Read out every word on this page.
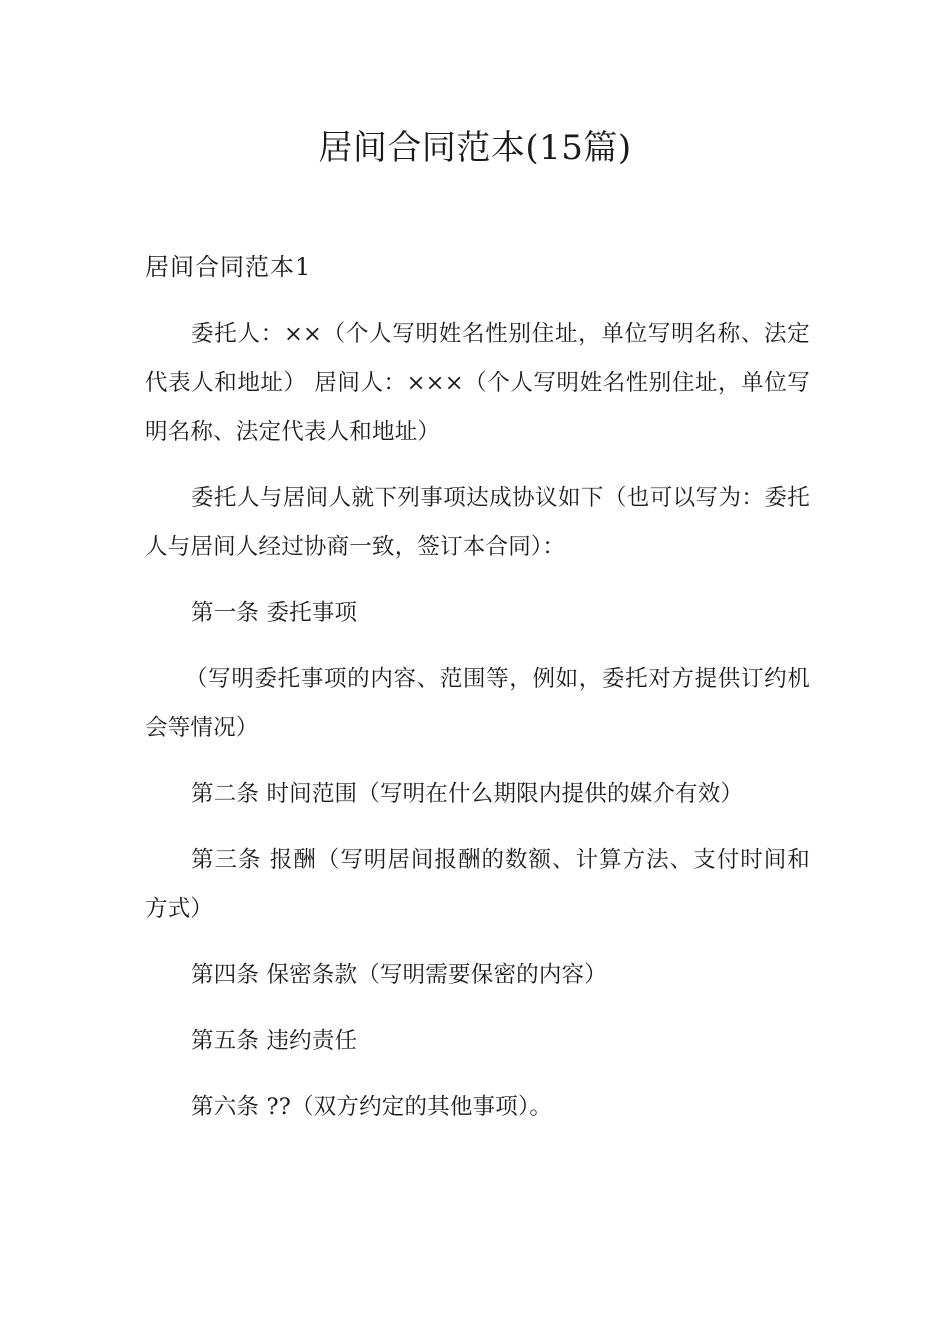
居间合同范本(15篇)
居间合同范本1

委托人：××（个人写明姓名性别住址，单位写明名称、法定代表人和地址） 居间人：×××（个人写明姓名性别住址，单位写明名称、法定代表人和地址）

委托人与居间人就下列事项达成协议如下（也可以写为：委托人与居间人经过协商一致，签订本合同）：

第一条 委托事项

（写明委托事项的内容、范围等，例如，委托对方提供订约机会等情况）

第二条 时间范围（写明在什么期限内提供的媒介有效）

第三条 报酬（写明居间报酬的数额、计算方法、支付时间和方式）

第四条 保密条款（写明需要保密的内容）

第五条 违约责任

第六条 ??（双方约定的其他事项）。
